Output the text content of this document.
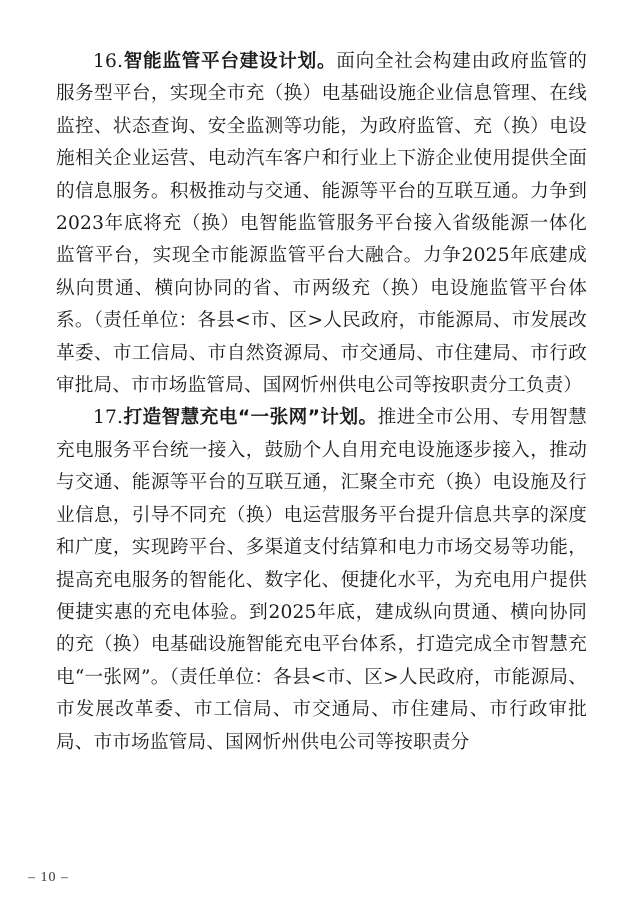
16.智能监管平台建设计划。面向全社会构建由政府监管的服务型平台，实现全市充（换）电基础设施企业信息管理、在线监控、状态查询、安全监测等功能，为政府监管、充（换）电设施相关企业运营、电动汽车客户和行业上下游企业使用提供全面的信息服务。积极推动与交通、能源等平台的互联互通。力争到2023年底将充（换）电智能监管服务平台接入省级能源一体化监管平台，实现全市能源监管平台大融合。力争2025年底建成纵向贯通、横向协同的省、市两级充（换）电设施监管平台体系。（责任单位：各县<市、区>人民政府，市能源局、市发展改革委、市工信局、市自然资源局、市交通局、市住建局、市行政审批局、市市场监管局、国网忻州供电公司等按职责分工负责）

17.打造智慧充电“一张网”计划。推进全市公用、专用智慧充电服务平台统一接入，鼓励个人自用充电设施逐步接入，推动与交通、能源等平台的互联互通，汇聚全市充（换）电设施及行业信息，引导不同充（换）电运营服务平台提升信息共享的深度和广度，实现跨平台、多渠道支付结算和电力市场交易等功能，提高充电服务的智能化、数字化、便捷化水平，为充电用户提供便捷实惠的充电体验。到2025年底，建成纵向贯通、横向协同的充（换）电基础设施智能充电平台体系，打造完成全市智慧充电“一张网”。（责任单位：各县<市、区>人民政府，市能源局、市发展改革委、市工信局、市交通局、市住建局、市行政审批局、市市场监管局、国网忻州供电公司等按职责分

– 10 –
